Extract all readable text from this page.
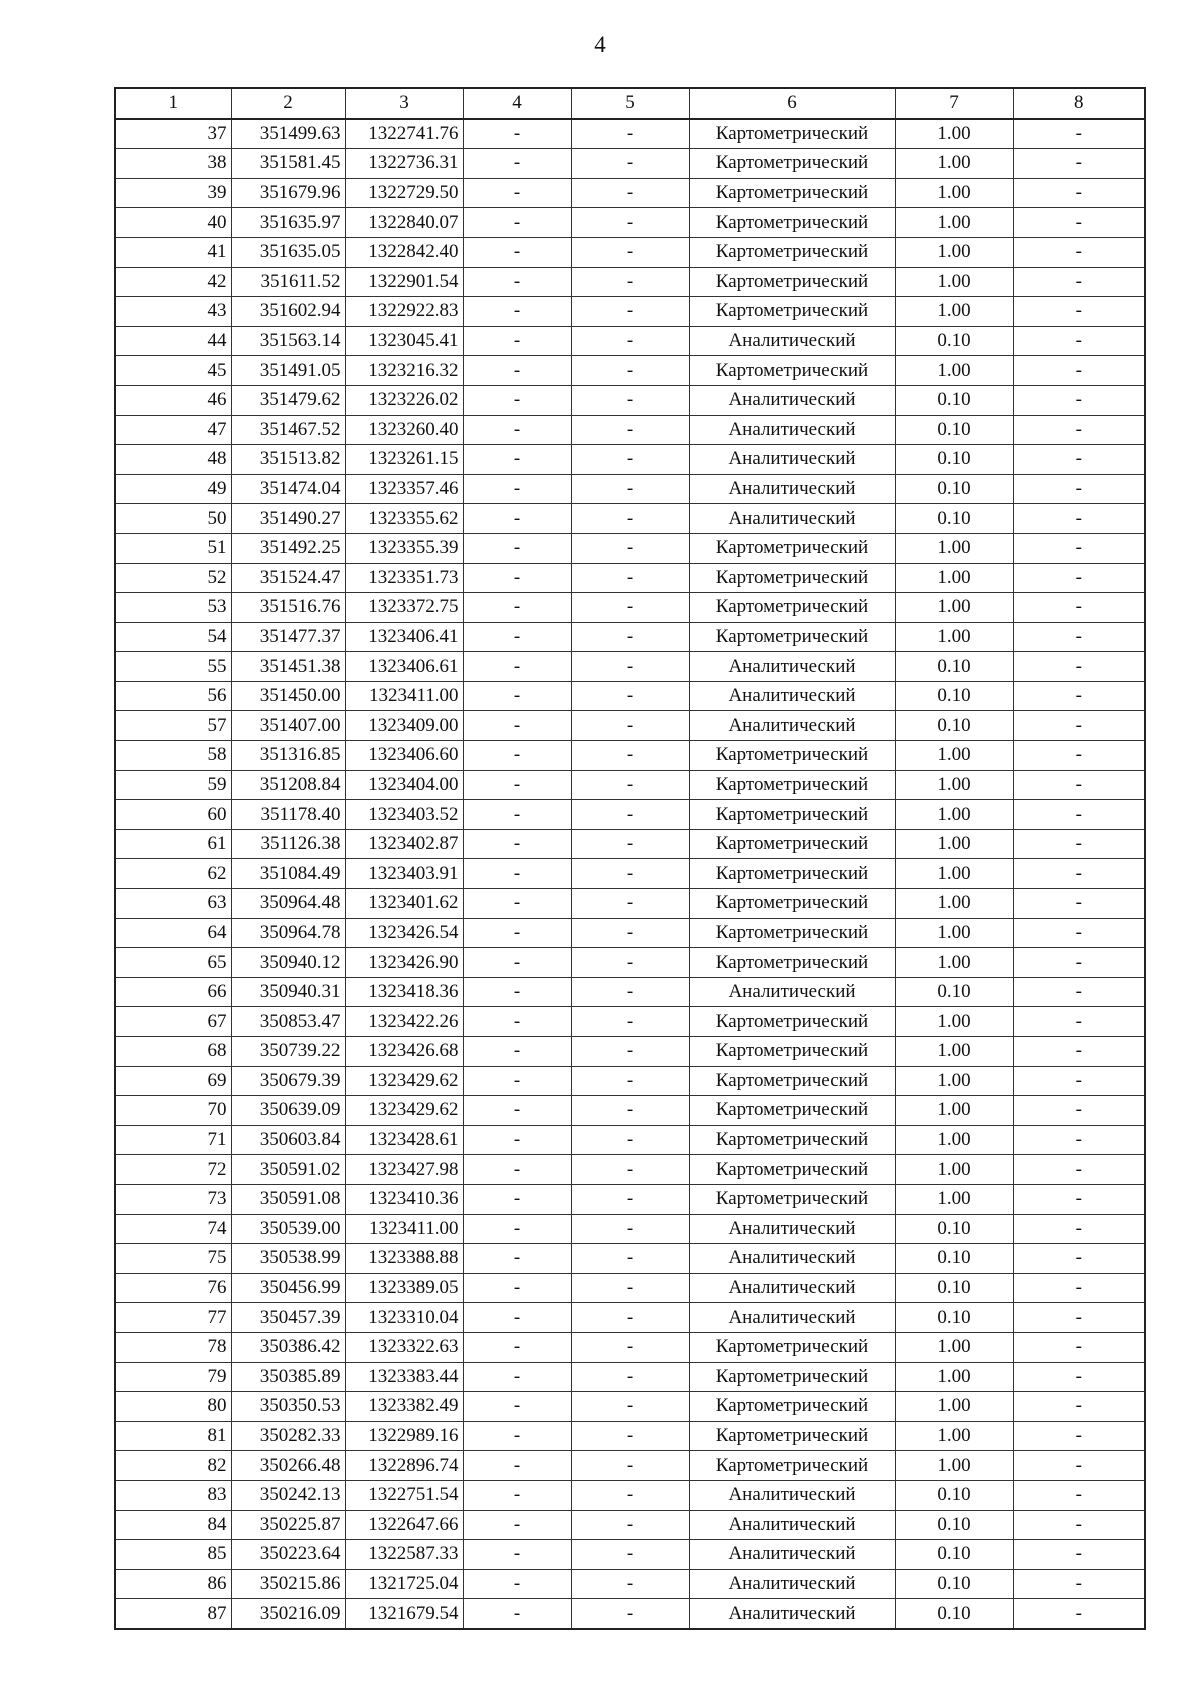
4
1	2	3	4	5	6	7	8
37	351499.63	1322741.76	-	-	Картометрический	1.00	-
38	351581.45	1322736.31	-	-	Картометрический	1.00	-
39	351679.96	1322729.50	-	-	Картометрический	1.00	-
40	351635.97	1322840.07	-	-	Картометрический	1.00	-
41	351635.05	1322842.40	-	-	Картометрический	1.00	-
42	351611.52	1322901.54	-	-	Картометрический	1.00	-
43	351602.94	1322922.83	-	-	Картометрический	1.00	-
44	351563.14	1323045.41	-	-	Аналитический	0.10	-
45	351491.05	1323216.32	-	-	Картометрический	1.00	-
46	351479.62	1323226.02	-	-	Аналитический	0.10	-
47	351467.52	1323260.40	-	-	Аналитический	0.10	-
48	351513.82	1323261.15	-	-	Аналитический	0.10	-
49	351474.04	1323357.46	-	-	Аналитический	0.10	-
50	351490.27	1323355.62	-	-	Аналитический	0.10	-
51	351492.25	1323355.39	-	-	Картометрический	1.00	-
52	351524.47	1323351.73	-	-	Картометрический	1.00	-
53	351516.76	1323372.75	-	-	Картометрический	1.00	-
54	351477.37	1323406.41	-	-	Картометрический	1.00	-
55	351451.38	1323406.61	-	-	Аналитический	0.10	-
56	351450.00	1323411.00	-	-	Аналитический	0.10	-
57	351407.00	1323409.00	-	-	Аналитический	0.10	-
58	351316.85	1323406.60	-	-	Картометрический	1.00	-
59	351208.84	1323404.00	-	-	Картометрический	1.00	-
60	351178.40	1323403.52	-	-	Картометрический	1.00	-
61	351126.38	1323402.87	-	-	Картометрический	1.00	-
62	351084.49	1323403.91	-	-	Картометрический	1.00	-
63	350964.48	1323401.62	-	-	Картометрический	1.00	-
64	350964.78	1323426.54	-	-	Картометрический	1.00	-
65	350940.12	1323426.90	-	-	Картометрический	1.00	-
66	350940.31	1323418.36	-	-	Аналитический	0.10	-
67	350853.47	1323422.26	-	-	Картометрический	1.00	-
68	350739.22	1323426.68	-	-	Картометрический	1.00	-
69	350679.39	1323429.62	-	-	Картометрический	1.00	-
70	350639.09	1323429.62	-	-	Картометрический	1.00	-
71	350603.84	1323428.61	-	-	Картометрический	1.00	-
72	350591.02	1323427.98	-	-	Картометрический	1.00	-
73	350591.08	1323410.36	-	-	Картометрический	1.00	-
74	350539.00	1323411.00	-	-	Аналитический	0.10	-
75	350538.99	1323388.88	-	-	Аналитический	0.10	-
76	350456.99	1323389.05	-	-	Аналитический	0.10	-
77	350457.39	1323310.04	-	-	Аналитический	0.10	-
78	350386.42	1323322.63	-	-	Картометрический	1.00	-
79	350385.89	1323383.44	-	-	Картометрический	1.00	-
80	350350.53	1323382.49	-	-	Картометрический	1.00	-
81	350282.33	1322989.16	-	-	Картометрический	1.00	-
82	350266.48	1322896.74	-	-	Картометрический	1.00	-
83	350242.13	1322751.54	-	-	Аналитический	0.10	-
84	350225.87	1322647.66	-	-	Аналитический	0.10	-
85	350223.64	1322587.33	-	-	Аналитический	0.10	-
86	350215.86	1321725.04	-	-	Аналитический	0.10	-
87	350216.09	1321679.54	-	-	Аналитический	0.10	-
